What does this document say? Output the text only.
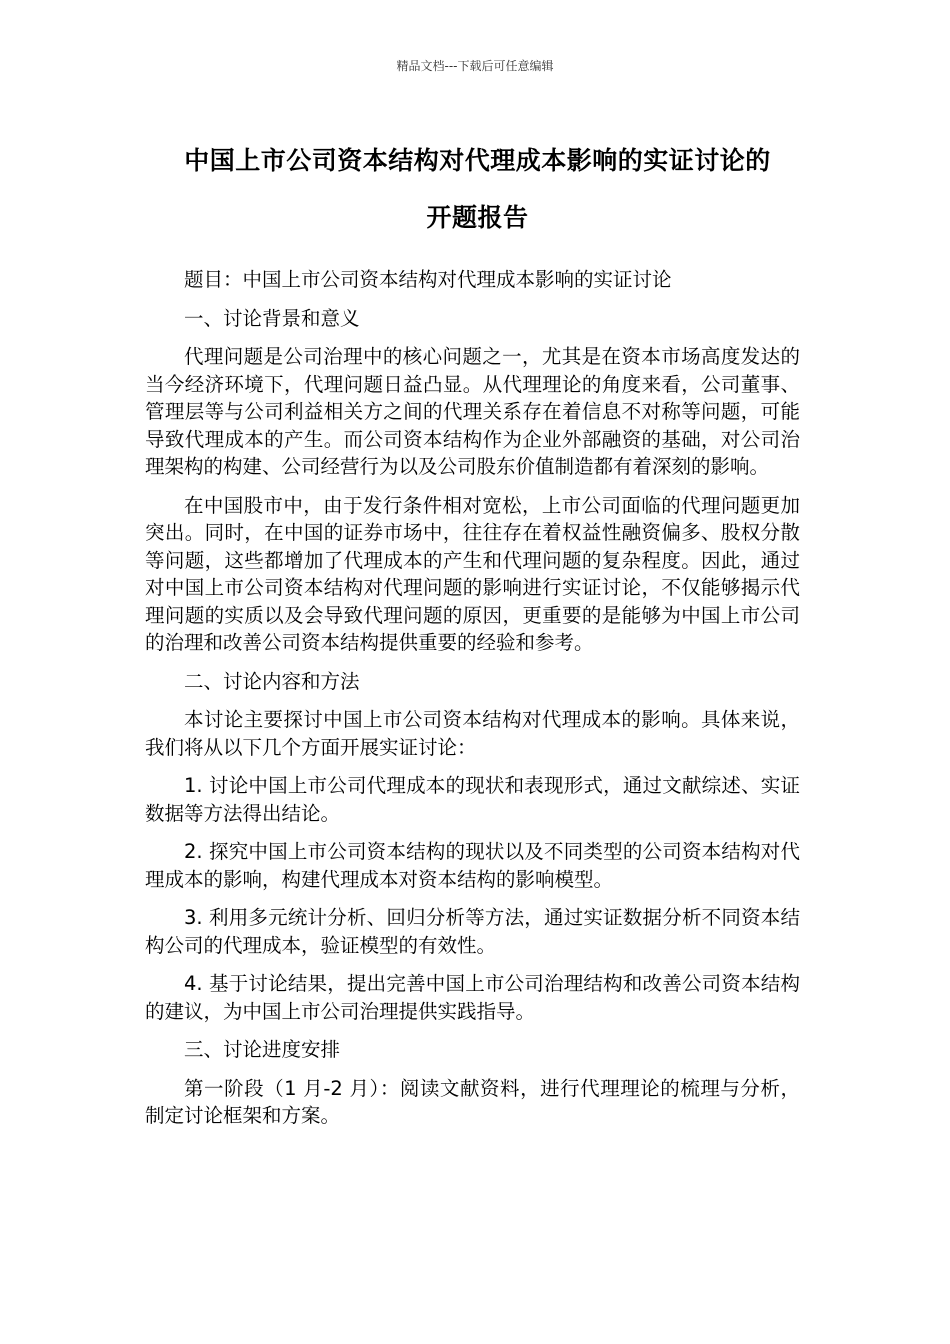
精品文档---下载后可任意编辑
中国上市公司资本结构对代理成本影响的实证讨论的
开题报告

题目：中国上市公司资本结构对代理成本影响的实证讨论

一、讨论背景和意义

代理问题是公司治理中的核心问题之一，尤其是在资本市场高度发达的当今经济环境下，代理问题日益凸显。从代理理论的角度来看，公司董事、管理层等与公司利益相关方之间的代理关系存在着信息不对称等问题，可能导致代理成本的产生。而公司资本结构作为企业外部融资的基础，对公司治理架构的构建、公司经营行为以及公司股东价值制造都有着深刻的影响。

在中国股市中，由于发行条件相对宽松，上市公司面临的代理问题更加突出。同时，在中国的证券市场中，往往存在着权益性融资偏多、股权分散等问题，这些都增加了代理成本的产生和代理问题的复杂程度。因此，通过对中国上市公司资本结构对代理问题的影响进行实证讨论，不仅能够揭示代理问题的实质以及会导致代理问题的原因，更重要的是能够为中国上市公司的治理和改善公司资本结构提供重要的经验和参考。

二、讨论内容和方法

本讨论主要探讨中国上市公司资本结构对代理成本的影响。具体来说，我们将从以下几个方面开展实证讨论：

1. 讨论中国上市公司代理成本的现状和表现形式，通过文献综述、实证数据等方法得出结论。

2. 探究中国上市公司资本结构的现状以及不同类型的公司资本结构对代理成本的影响，构建代理成本对资本结构的影响模型。

3. 利用多元统计分析、回归分析等方法，通过实证数据分析不同资本结构公司的代理成本，验证模型的有效性。

4. 基于讨论结果，提出完善中国上市公司治理结构和改善公司资本结构的建议，为中国上市公司治理提供实践指导。

三、讨论进度安排

第一阶段（1 月-2 月）：阅读文献资料，进行代理理论的梳理与分析，制定讨论框架和方案。
